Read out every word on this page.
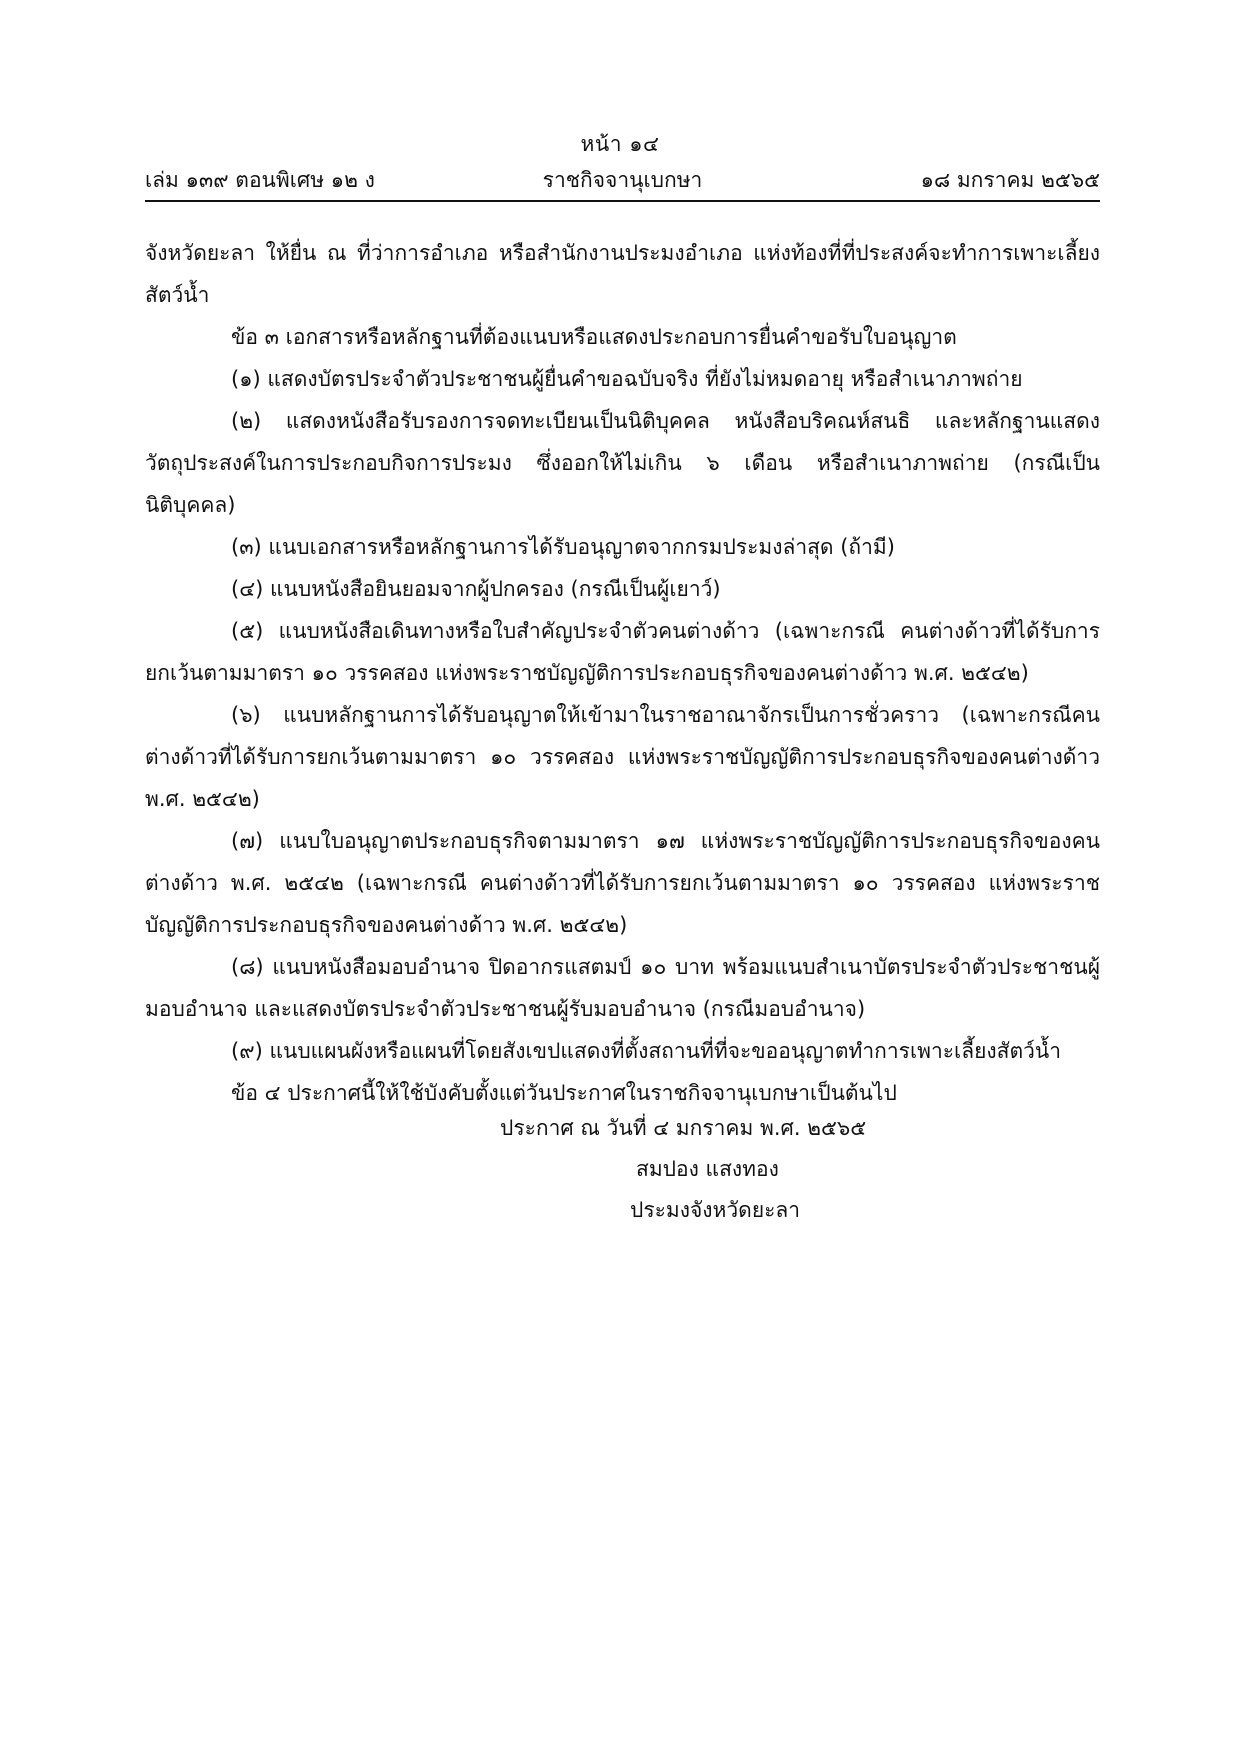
หน้า ๑๔
ราชกิจจานุเบกษา
เล่ม ๑๓๙ ตอนพิเศษ ๑๒ ง	๑๘ มกราคม ๒๕๖๕

จังหวัดยะลา ให้ยื่น ณ ที่ว่าการอำเภอ หรือสำนักงานประมงอำเภอ แห่งท้องที่ที่ประสงค์จะทำการเพาะเลี้ยงสัตว์น้ำ

ข้อ ๓ เอกสารหรือหลักฐานที่ต้องแนบหรือแสดงประกอบการยื่นคำขอรับใบอนุญาต

(๑) แสดงบัตรประจำตัวประชาชนผู้ยื่นคำขอฉบับจริง ที่ยังไม่หมดอายุ หรือสำเนาภาพถ่าย

(๒) แสดงหนังสือรับรองการจดทะเบียนเป็นนิติบุคคล หนังสือบริคณห์สนธิ และหลักฐานแสดงวัตถุประสงค์ในการประกอบกิจการประมง ซึ่งออกให้ไม่เกิน ๖ เดือน หรือสำเนาภาพถ่าย (กรณีเป็นนิติบุคคล)

(๓) แนบเอกสารหรือหลักฐานการได้รับอนุญาตจากกรมประมงล่าสุด (ถ้ามี)

(๔) แนบหนังสือยินยอมจากผู้ปกครอง (กรณีเป็นผู้เยาว์)

(๕) แนบหนังสือเดินทางหรือใบสำคัญประจำตัวคนต่างด้าว (เฉพาะกรณี คนต่างด้าวที่ได้รับการยกเว้นตามมาตรา ๑๐ วรรคสอง แห่งพระราชบัญญัติการประกอบธุรกิจของคนต่างด้าว พ.ศ. ๒๕๔๒)

(๖) แนบหลักฐานการได้รับอนุญาตให้เข้ามาในราชอาณาจักรเป็นการชั่วคราว (เฉพาะกรณีคนต่างด้าวที่ได้รับการยกเว้นตามมาตรา ๑๐ วรรคสอง แห่งพระราชบัญญัติการประกอบธุรกิจของคนต่างด้าว พ.ศ. ๒๕๔๒)

(๗) แนบใบอนุญาตประกอบธุรกิจตามมาตรา ๑๗ แห่งพระราชบัญญัติการประกอบธุรกิจของคนต่างด้าว พ.ศ. ๒๕๔๒ (เฉพาะกรณี คนต่างด้าวที่ได้รับการยกเว้นตามมาตรา ๑๐ วรรคสอง แห่งพระราชบัญญัติการประกอบธุรกิจของคนต่างด้าว พ.ศ. ๒๕๔๒)

(๘) แนบหนังสือมอบอำนาจ ปิดอากรแสตมป์ ๑๐ บาท พร้อมแนบสำเนาบัตรประจำตัวประชาชนผู้มอบอำนาจ และแสดงบัตรประจำตัวประชาชนผู้รับมอบอำนาจ (กรณีมอบอำนาจ)

(๙) แนบแผนผังหรือแผนที่โดยสังเขปแสดงที่ตั้งสถานที่ที่จะขออนุญาตทำการเพาะเลี้ยงสัตว์น้ำ

ข้อ ๔ ประกาศนี้ให้ใช้บังคับตั้งแต่วันประกาศในราชกิจจานุเบกษาเป็นต้นไป

ประกาศ ณ วันที่ ๔ มกราคม พ.ศ. ๒๕๖๕
สมปอง แสงทอง
ประมงจังหวัดยะลา
